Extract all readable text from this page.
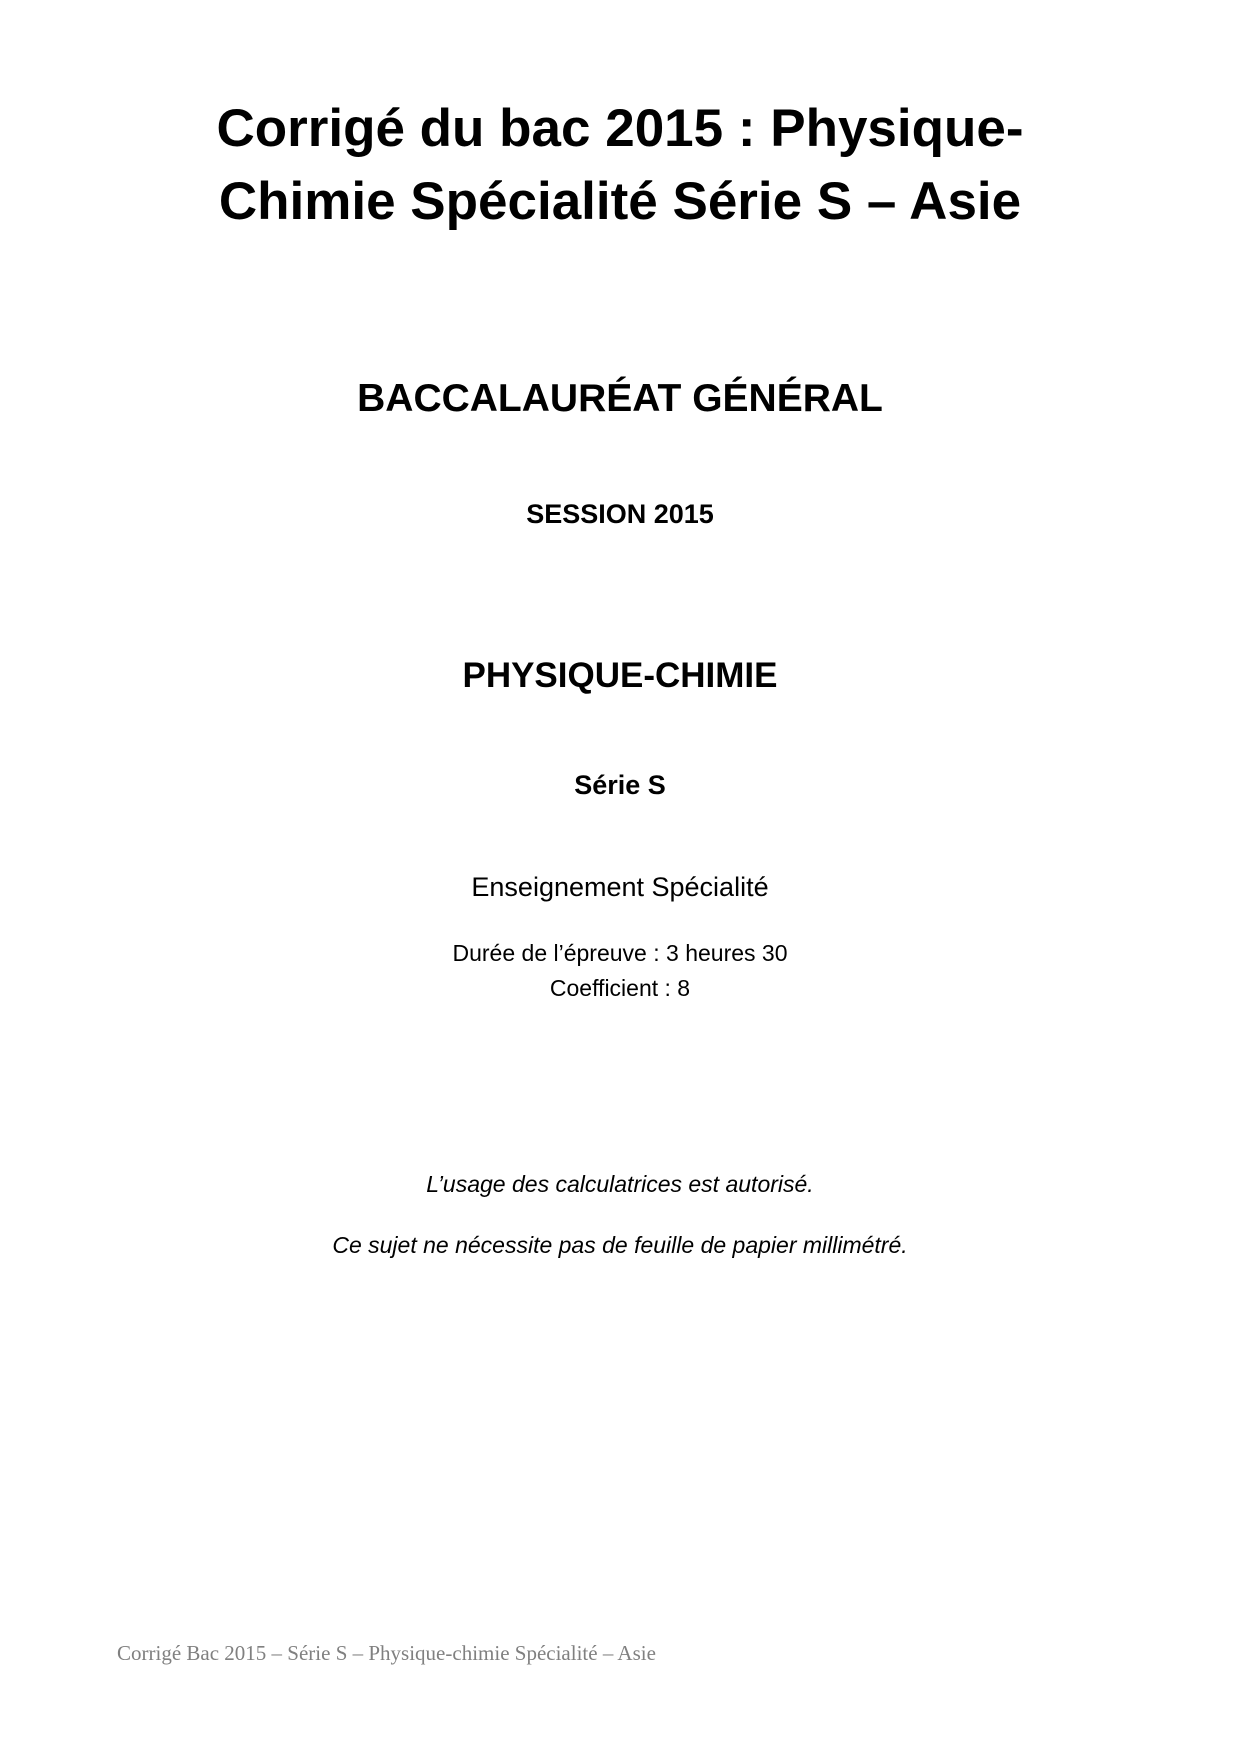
Corrigé du bac 2015 : Physique-
Chimie Spécialité Série S – Asie
BACCALAURÉAT GÉNÉRAL
SESSION 2015
PHYSIQUE-CHIMIE
Série S
Enseignement Spécialité
Durée de l’épreuve : 3 heures 30
Coefficient : 8
L’usage des calculatrices est autorisé.
Ce sujet ne nécessite pas de feuille de papier millimétré.
Corrigé Bac 2015 – Série S – Physique-chimie Spécialité – Asie
